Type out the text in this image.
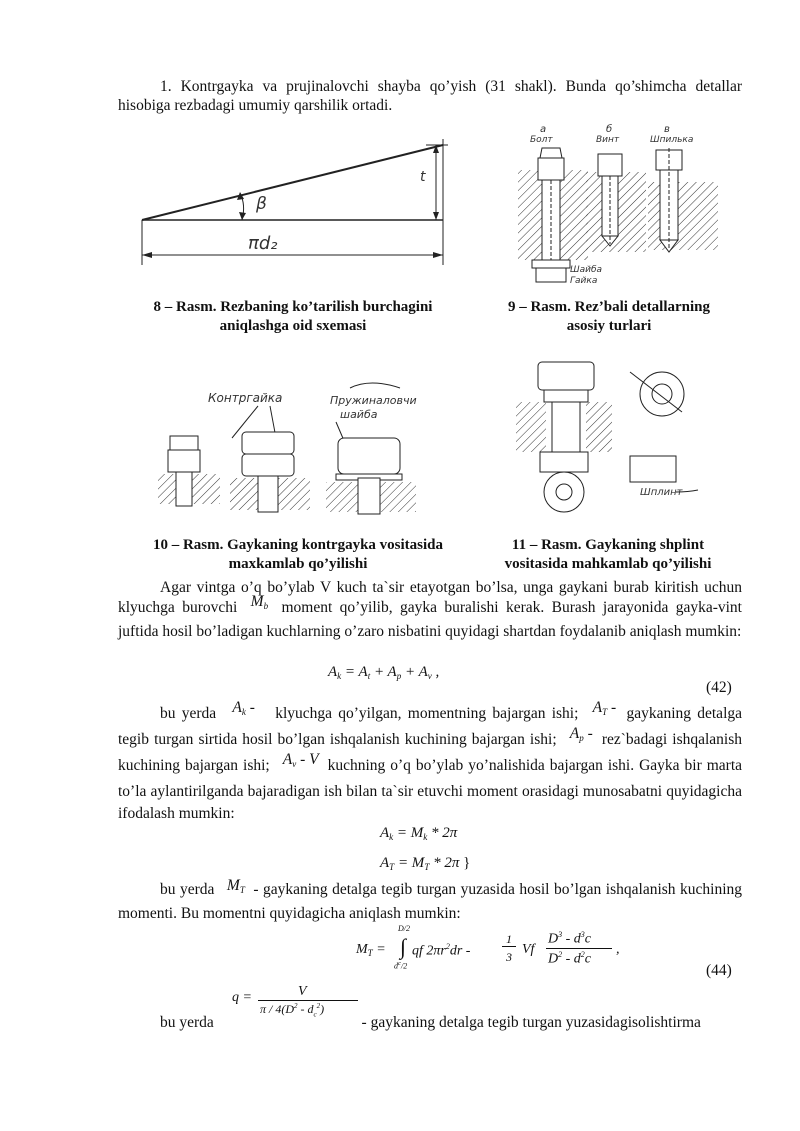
1. Kontrgayka va prujinalovchi shayba qo’yish (31 shakl). Bunda qo’shimcha detallar hisobiga rezbadagi umumiy qarshilik ortadi.
β
πd₂
t
а
Болт
б
Винт
в
Шпилька
Шайба
Гайка
8 – Rasm. Rezbaning ko’tarilish burchagini
aniqlashga oid sxemasi
9 – Rasm. Rez’bali detallarning
asosiy turlari
Контргайка	Пружиналовчи
шайба
Шплинт
10 – Rasm. Gaykaning kontrgayka vositasida
maxkamlab qo’yilishi
11 – Rasm. Gaykaning shplint
vositasida mahkamlab qo’yilishi
Agar vintga o’q bo’ylab V kuch ta`sir etayotgan bo’lsa, unga gaykani burab kiritish uchun klyuchga burovchi $M_b$ moment qo’yilib, gayka buralishi kerak. Burash jarayonida gayka-vint juftida hosil bo’ladigan kuchlarning o’zaro nisbatini quyidagi shartdan foydalanib aniqlash mumkin:
$A_k = A_t + A_p + A_v$ ,
(42)
bu yerda $A_k$ - klyuchga qo’yilgan, momentning bajargan ishi; $A_T$ - gaykaning detalga tegib turgan sirtida hosil bo’lgan ishqalanish kuchining bajargan ishi; $A_p$ - rez`badagi ishqalanish kuchining bajargan ishi; $A_v$ - V kuchning o’q bo’ylab yo’nalishida bajargan ishi. Gayka bir marta to’la aylantirilganda bajaradigan ish bilan ta`sir etuvchi moment orasidagi munosabatni quyidagicha ifodalash mumkin:
$A_k = M_k * 2\pi$
$A_T = M_T * 2\pi$ }
bu yerda $M_T$ - gaykaning detalga tegib turgan yuzasida hosil bo’lgan ishqalanish kuchining momenti. Bu momentni quyidagicha aniqlash mumkin:
$M_T$ =
D/2
∫
$d^c/2$
qf $2\pi r^2dr$ -
1
3 Vf
$D^3 - d^3c$
$D^2 - d^2c$
,
(44)
q =	V
π / $4(D^2 - d_c^2)$
bu yerda	- gaykaning detalga tegib turgan yuzasidagisolishtirma
